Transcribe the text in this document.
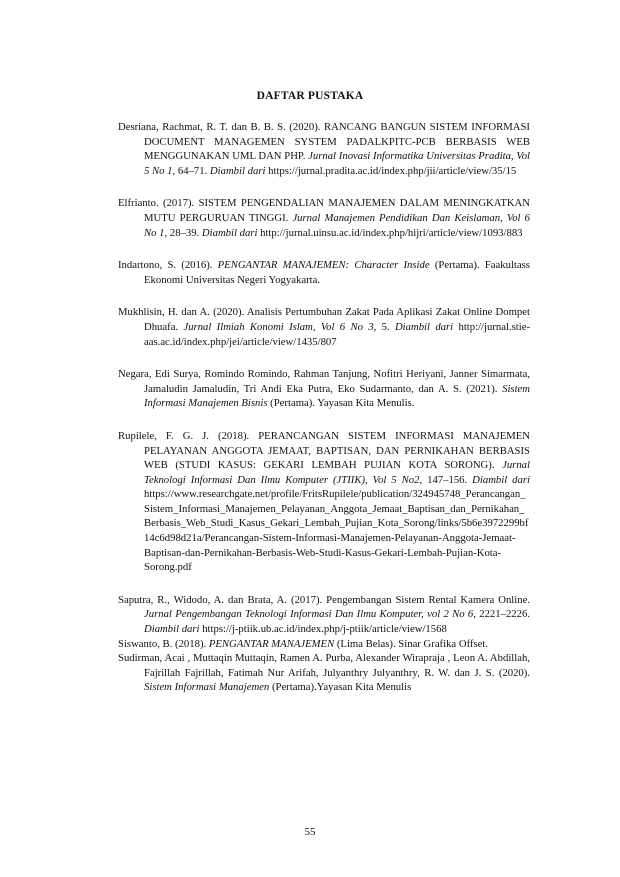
DAFTAR PUSTAKA

Desriana, Rachmat, R. T. dan B. B. S. (2020). RANCANG BANGUN SISTEM INFORMASI DOCUMENT MANAGEMEN SYSTEM PADALKPITC-PCB BERBASIS WEB MENGGUNAKAN UML DAN PHP. Jurnal Inovasi Informatika Universitas Pradita, Vol 5 No 1, 64–71. Diambil dari https://jurnal.pradita.ac.id/index.php/jii/article/view/35/15

Elfrianto. (2017). SISTEM PENGENDALIAN MANAJEMEN DALAM MENINGKATKAN MUTU PERGURUAN TINGGI. Jurnal Manajemen Pendidikan Dan Keislaman, Vol 6 No 1, 28–39. Diambil dari http://jurnal.uinsu.ac.id/index.php/hijri/article/view/1093/883

Indartono, S. (2016). PENGANTAR MANAJEMEN: Character Inside (Pertama). Faakultass Ekonomi Universitas Negeri Yogyakarta.

Mukhlisin, H. dan A. (2020). Analisis Pertumbuhan Zakat Pada Aplikasi Zakat Online Dompet Dhuafa. Jurnal Ilmiah Konomi Islam, Vol 6 No 3, 5. Diambil dari http://jurnal.stie-aas.ac.id/index.php/jei/article/view/1435/807

Negara, Edi Surya, Romindo Romindo, Rahman Tanjung, Nofitri Heriyani, Janner Simarmata, Jamaludin Jamaludin, Tri Andi Eka Putra, Eko Sudarmanto, dan A. S. (2021). Sistem Informasi Manajemen Bisnis (Pertama). Yayasan Kita Menulis.

Rupilele, F. G. J. (2018). PERANCANGAN SISTEM INFORMASI MANAJEMEN PELAYANAN ANGGOTA JEMAAT, BAPTISAN, DAN PERNIKAHAN BERBASIS WEB (STUDI KASUS: GEKARI LEMBAH PUJIAN KOTA SORONG). Jurnal Teknologi Informasi Dan Ilmu Komputer (JTIIK), Vol 5 No2, 147–156. Diambil dari https://www.researchgate.net/profile/FritsRupilele/publication/324945748_Perancangan_Sistem_Informasi_Manajemen_Pelayanan_Anggota_Jemaat_Baptisan_dan_Pernikahan_Berbasis_Web_Studi_Kasus_Gekari_Lembah_Pujian_Kota_Sorong/links/5b6e3972299bf14c6d98d21a/Perancangan-Sistem-Informasi-Manajemen-Pelayanan-Anggota-Jemaat-Baptisan-dan-Pernikahan-Berbasis-Web-Studi-Kasus-Gekari-Lembah-Pujian-Kota-Sorong.pdf

Saputra, R., Widodo, A. dan Brata, A. (2017). Pengembangan Sistem Rental Kamera Online. Jurnal Pengembangan Teknologi Informasi Dan Ilmu Komputer, vol 2 No 6, 2221–2226. Diambil dari https://j-ptiik.ub.ac.id/index.php/j-ptiik/article/view/1568

Siswanto, B. (2018). PENGANTAR MANAJEMEN (Lima Belas). Sinar Grafika Offset.

Sudirman, Acai , Muttaqin Muttaqin, Ramen A. Purba, Alexander Wirapraja , Leon A. Abdillah, Fajrillah Fajrillah, Fatimah Nur Arifah, Julyanthry Julyanthry, R. W. dan J. S. (2020). Sistem Informasi Manajemen (Pertama).Yayasan Kita Menulis

55
